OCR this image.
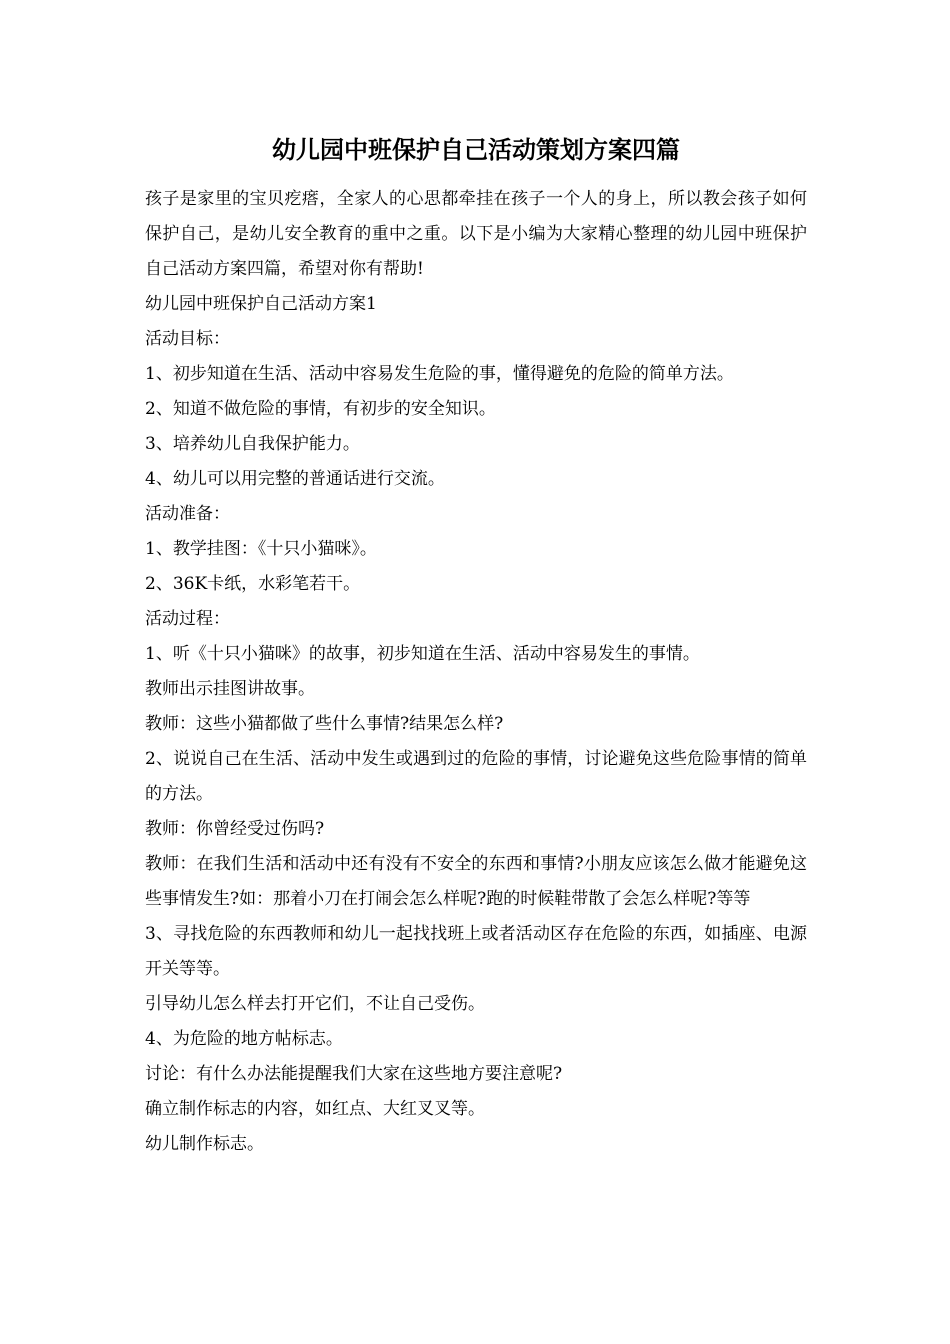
幼儿园中班保护自己活动策划方案四篇

孩子是家里的宝贝疙瘩，全家人的心思都牵挂在孩子一个人的身上，所以教会孩子如何保护自己，是幼儿安全教育的重中之重。以下是小编为大家精心整理的幼儿园中班保护自己活动方案四篇，希望对你有帮助!

幼儿园中班保护自己活动方案1

活动目标：

1、初步知道在生活、活动中容易发生危险的事，懂得避免的危险的简单方法。

2、知道不做危险的事情，有初步的安全知识。

3、培养幼儿自我保护能力。

4、幼儿可以用完整的普通话进行交流。

活动准备：

1、教学挂图：《十只小猫咪》。

2、36K卡纸，水彩笔若干。

活动过程：

1、听《十只小猫咪》的故事，初步知道在生活、活动中容易发生的事情。

教师出示挂图讲故事。

教师：这些小猫都做了些什么事情?结果怎么样?

2、说说自己在生活、活动中发生或遇到过的危险的事情，讨论避免这些危险事情的简单的方法。

教师：你曾经受过伤吗?

教师：在我们生活和活动中还有没有不安全的东西和事情?小朋友应该怎么做才能避免这些事情发生?如：那着小刀在打闹会怎么样呢?跑的时候鞋带散了会怎么样呢?等等

3、寻找危险的东西教师和幼儿一起找找班上或者活动区存在危险的东西，如插座、电源开关等等。

引导幼儿怎么样去打开它们，不让自己受伤。

4、为危险的地方帖标志。

讨论：有什么办法能提醒我们大家在这些地方要注意呢?

确立制作标志的内容，如红点、大红叉叉等。

幼儿制作标志。
